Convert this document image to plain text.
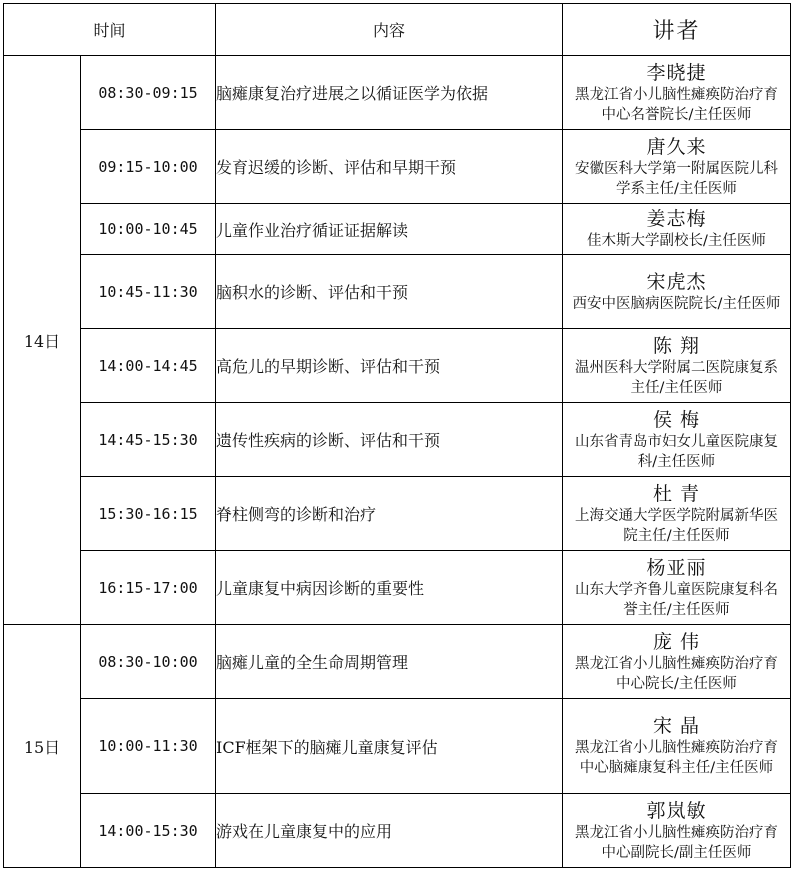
时间		内容	讲者
14日	08:30-09:15	脑瘫康复治疗进展之以循证医学为依据	李晓捷
黑龙江省小儿脑性瘫痪防治疗育中心名誉院长/主任医师

	09:15-10:00	发育迟缓的诊断、评估和早期干预	唐久来
安徽医科大学第一附属医院儿科学系主任/主任医师

	10:00-10:45	儿童作业治疗循证证据解读	姜志梅
佳木斯大学副校长/主任医师

	10:45-11:30	脑积水的诊断、评估和干预	宋虎杰
西安中医脑病医院院长/主任医师

	14:00-14:45	高危儿的早期诊断、评估和干预	陈 翔
温州医科大学附属二医院康复系主任/主任医师

	14:45-15:30	遗传性疾病的诊断、评估和干预	侯 梅
山东省青岛市妇女儿童医院康复科/主任医师

	15:30-16:15	脊柱侧弯的诊断和治疗	杜 青
上海交通大学医学院附属新华医院主任/主任医师

	16:15-17:00	儿童康复中病因诊断的重要性	杨亚丽
山东大学齐鲁儿童医院康复科名誉主任/主任医师

15日	08:30-10:00	脑瘫儿童的全生命周期管理	庞 伟
黑龙江省小儿脑性瘫痪防治疗育中心院长/主任医师

	10:00-11:30	ICF框架下的脑瘫儿童康复评估	宋 晶
黑龙江省小儿脑性瘫痪防治疗育中心脑瘫康复科主任/主任医师

	14:00-15:30	游戏在儿童康复中的应用	郭岚敏
黑龙江省小儿脑性瘫痪防治疗育中心副院长/副主任医师
